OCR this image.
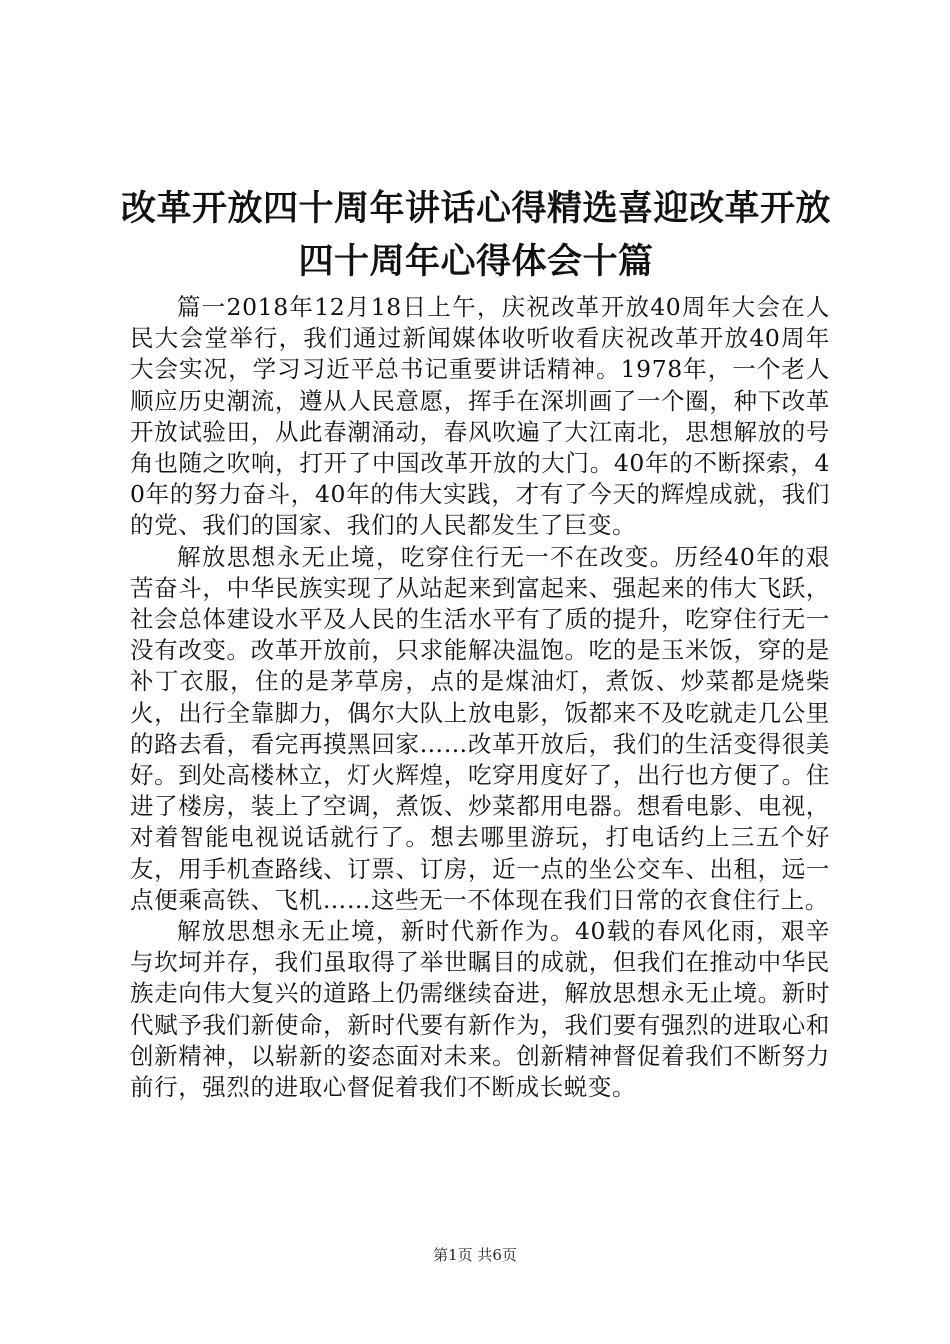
改革开放四十周年讲话心得精选喜迎改革开放四十周年心得体会十篇

篇一2018年12月18日上午，庆祝改革开放40周年大会在人民大会堂举行，我们通过新闻媒体收听收看庆祝改革开放40周年大会实况，学习习近平总书记重要讲话精神。1978年，一个老人顺应历史潮流，遵从人民意愿，挥手在深圳画了一个圈，种下改革开放试验田，从此春潮涌动，春风吹遍了大江南北，思想解放的号角也随之吹响，打开了中国改革开放的大门。40年的不断探索，40年的努力奋斗，40年的伟大实践，才有了今天的辉煌成就，我们的党、我们的国家、我们的人民都发生了巨变。

解放思想永无止境，吃穿住行无一不在改变。历经40年的艰苦奋斗，中华民族实现了从站起来到富起来、强起来的伟大飞跃，社会总体建设水平及人民的生活水平有了质的提升，吃穿住行无一没有改变。改革开放前，只求能解决温饱。吃的是玉米饭，穿的是补丁衣服，住的是茅草房，点的是煤油灯，煮饭、炒菜都是烧柴火，出行全靠脚力，偶尔大队上放电影，饭都来不及吃就走几公里的路去看，看完再摸黑回家……改革开放后，我们的生活变得很美好。到处高楼林立，灯火辉煌，吃穿用度好了，出行也方便了。住进了楼房，装上了空调，煮饭、炒菜都用电器。想看电影、电视，对着智能电视说话就行了。想去哪里游玩，打电话约上三五个好友，用手机查路线、订票、订房，近一点的坐公交车、出租，远一点便乘高铁、飞机……这些无一不体现在我们日常的衣食住行上。

解放思想永无止境，新时代新作为。40载的春风化雨，艰辛与坎坷并存，我们虽取得了举世瞩目的成就，但我们在推动中华民族走向伟大复兴的道路上仍需继续奋进，解放思想永无止境。新时代赋予我们新使命，新时代要有新作为，我们要有强烈的进取心和创新精神，以崭新的姿态面对未来。创新精神督促着我们不断努力前行，强烈的进取心督促着我们不断成长蜕变。

第1页 共6页
